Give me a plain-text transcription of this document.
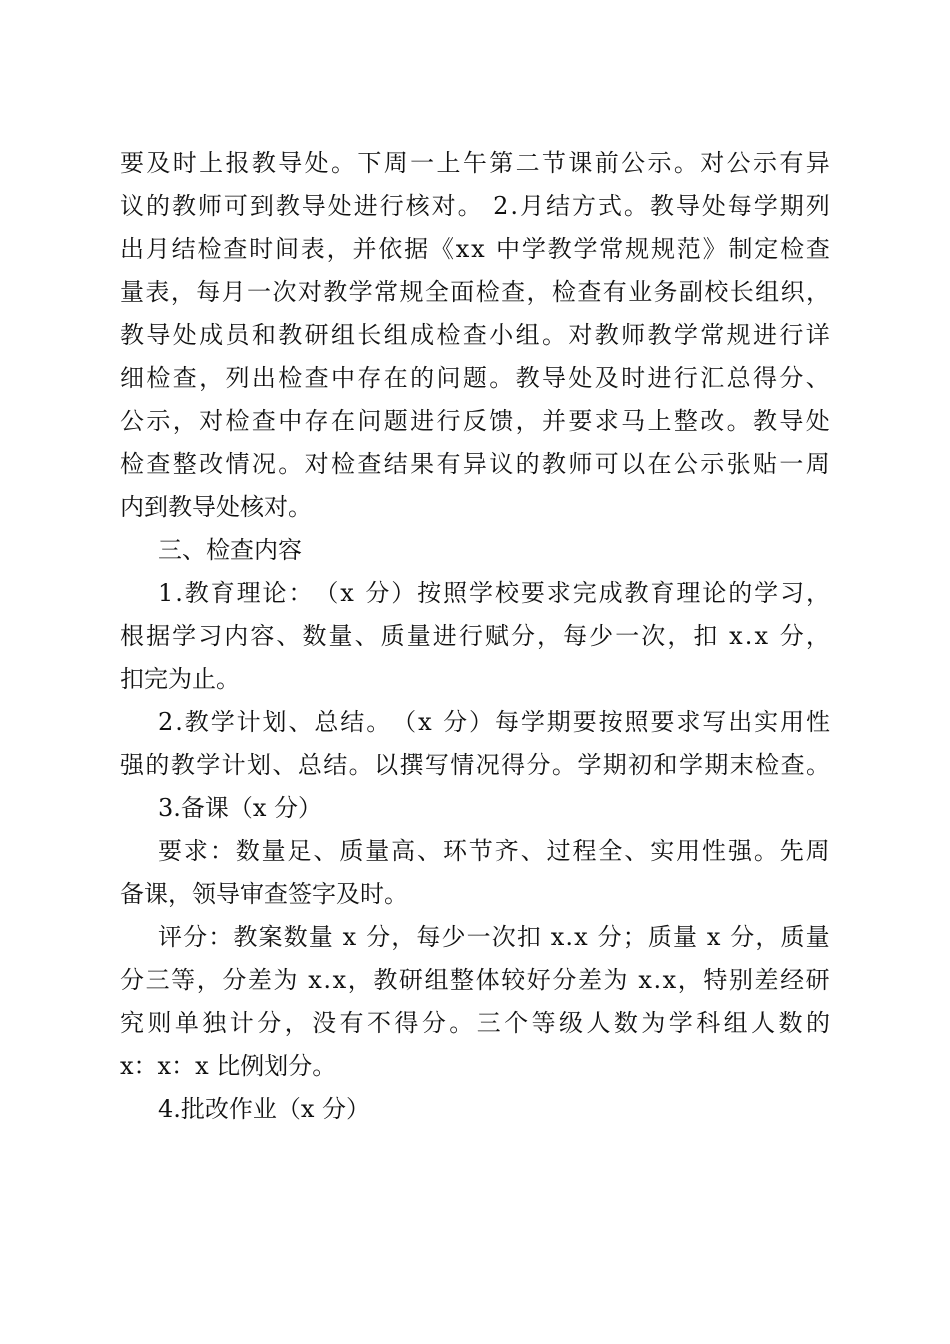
要 及 时 上 报 教 导 处 。 下 周 一 上 午 第 二 节 课 前 公 示 。 对 公 示 有 异

议 的 教 师 可 到 教 导 处 进 行 核 对 。
2 . 月 结 方 式 。 教 导 处 每 学 期 列

出 月 结 检 查 时 间 表 ， 并 依 据 《 x x
中 学 教 学 常 规 规 范 》 制 定 检 查

量 表 ， 每 月 一 次 对 教 学 常 规 全 面 检 查 ， 检 查 有 业 务 副 校 长 组 织 ，

教 导 处 成 员 和 教 研 组 长 组 成 检 查 小 组 。 对 教 师 教 学 常 规 进 行 详

细 检 查 ， 列 出 检 查 中 存 在 的 问 题 。 教 导 处 及 时 进 行 汇 总 得 分 、

公 示 ， 对 检 查 中 存 在 问 题 进 行 反 馈 ， 并 要 求 马 上 整 改 。 教 导 处

检 查 整 改 情 况 。 对 检 查 结 果 有 异 议 的 教 师 可 以 在 公 示 张 贴 一 周

内到教导处核对。

三、检查内容

1 . 教 育 理 论 ： （ x
分 ） 按 照 学 校 要 求 完 成 教 育 理 论 的 学 习 ，

根 据 学 习 内 容 、 数 量 、 质 量 进 行 赋 分 ， 每 少 一 次 ， 扣
x . x
分 ，

扣完为止。

2 . 教 学 计 划 、 总 结 。 （ x
分 ） 每 学 期 要 按 照 要 求 写 出 实 用 性

强 的 教 学 计 划 、 总 结 。 以 撰 写 情 况 得 分 。 学 期 初 和 学 期 末 检 查 。

3.备课（x 分）

要 求 ： 数 量 足 、 质 量 高 、 环 节 齐 、 过 程 全 、 实 用 性 强 。 先 周

备课，领导审查签字及时。

评 分 ： 教 案 数 量
x
分 ， 每 少 一 次 扣
x . x
分 ； 质 量
x
分 ， 质 量

分 三 等 ， 分 差 为
x . x ， 教 研 组 整 体 较 好 分 差 为
x . x ， 特 别 差 经 研

究 则 单 独 计 分 ， 没 有 不 得 分 。 三 个 等 级 人 数 为 学 科 组 人 数 的

x：x：x 比例划分。

4.批改作业（x 分）
